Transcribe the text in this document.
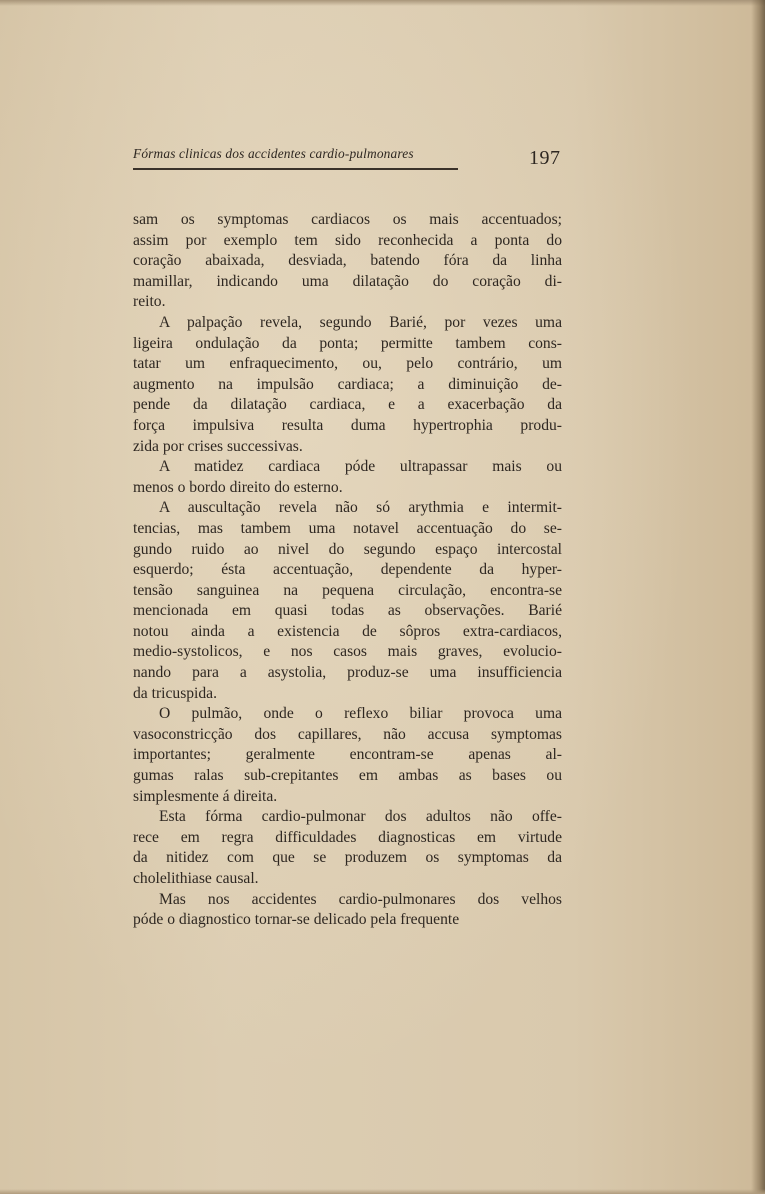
Fórmas clinicas dos accidentes cardio-pulmonares	197
sam os symptomas cardiacos os mais accentuados;
assim por exemplo tem sido reconhecida a ponta do
coração abaixada, desviada, batendo fóra da linha
mamillar, indicando uma dilatação do coração di-
reito.
A palpação revela, segundo Barié, por vezes uma
ligeira ondulação da ponta; permitte tambem cons-
tatar um enfraquecimento, ou, pelo contrário, um
augmento na impulsão cardiaca; a diminuição de-
pende da dilatação cardiaca, e a exacerbação da
força impulsiva resulta duma hypertrophia produ-
zida por crises successivas.
A matidez cardiaca póde ultrapassar mais ou
menos o bordo direito do esterno.
A auscultação revela não só arythmia e intermit-
tencias, mas tambem uma notavel accentuação do se-
gundo ruido ao nivel do segundo espaço intercostal
esquerdo; ésta accentuação, dependente da hyper-
tensão sanguinea na pequena circulação, encontra-se
mencionada em quasi todas as observações. Barié
notou ainda a existencia de sôpros extra-cardiacos,
medio-systolicos, e nos casos mais graves, evolucio-
nando para a asystolia, produz-se uma insufficiencia
da tricuspida.
O pulmão, onde o reflexo biliar provoca uma
vasoconstricção dos capillares, não accusa symptomas
importantes; geralmente encontram-se apenas al-
gumas ralas sub-crepitantes em ambas as bases ou
simplesmente á direita.
Esta fórma cardio-pulmonar dos adultos não offe-
rece em regra difficuldades diagnosticas em virtude
da nitidez com que se produzem os symptomas da
cholelithiase causal.
Mas nos accidentes cardio-pulmonares dos velhos
póde o diagnostico tornar-se delicado pela frequente
